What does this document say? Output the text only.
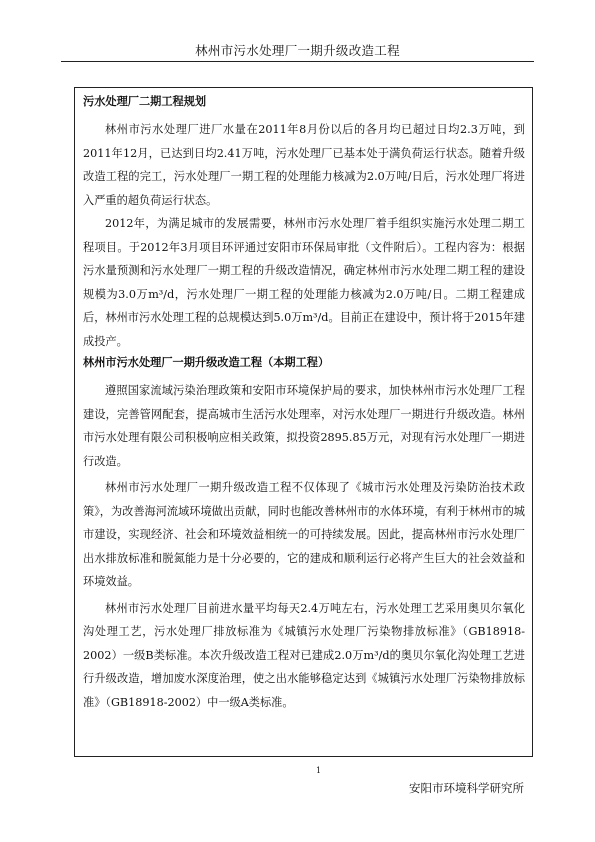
林州市污水处理厂一期升级改造工程

污水处理厂二期工程规划

林州市污水处理厂进厂水量在2011年8月份以后的各月均已超过日均2.3万吨，到2011年12月，已达到日均2.41万吨，污水处理厂已基本处于满负荷运行状态。随着升级改造工程的完工，污水处理厂一期工程的处理能力核减为2.0万吨/日后，污水处理厂将进入严重的超负荷运行状态。

2012年，为满足城市的发展需要，林州市污水处理厂着手组织实施污水处理二期工程项目。于2012年3月项目环评通过安阳市环保局审批（文件附后）。工程内容为：根据污水量预测和污水处理厂一期工程的升级改造情况，确定林州市污水处理二期工程的建设规模为3.0万m³/d，污水处理厂一期工程的处理能力核减为2.0万吨/日。二期工程建成后，林州市污水处理工程的总规模达到5.0万m³/d。目前正在建设中，预计将于2015年建成投产。

林州市污水处理厂一期升级改造工程（本期工程）

遵照国家流域污染治理政策和安阳市环境保护局的要求，加快林州市污水处理厂工程建设，完善管网配套，提高城市生活污水处理率，对污水处理厂一期进行升级改造。林州市污水处理有限公司积极响应相关政策，拟投资2895.85万元，对现有污水处理厂一期进行改造。

林州市污水处理厂一期升级改造工程不仅体现了《城市污水处理及污染防治技术政策》，为改善海河流域环境做出贡献，同时也能改善林州市的水体环境，有利于林州市的城市建设，实现经济、社会和环境效益相统一的可持续发展。因此，提高林州市污水处理厂出水排放标准和脱氮能力是十分必要的，它的建成和顺利运行必将产生巨大的社会效益和环境效益。

林州市污水处理厂目前进水量平均每天2.4万吨左右，污水处理工艺采用奥贝尔氧化沟处理工艺，污水处理厂排放标准为《城镇污水处理厂污染物排放标准》（GB18918-2002）一级B类标准。本次升级改造工程对已建成2.0万m³/d的奥贝尔氧化沟处理工艺进行升级改造，增加废水深度治理，使之出水能够稳定达到《城镇污水处理厂污染物排放标准》（GB18918-2002）中一级A类标准。

1
安阳市环境科学研究所
